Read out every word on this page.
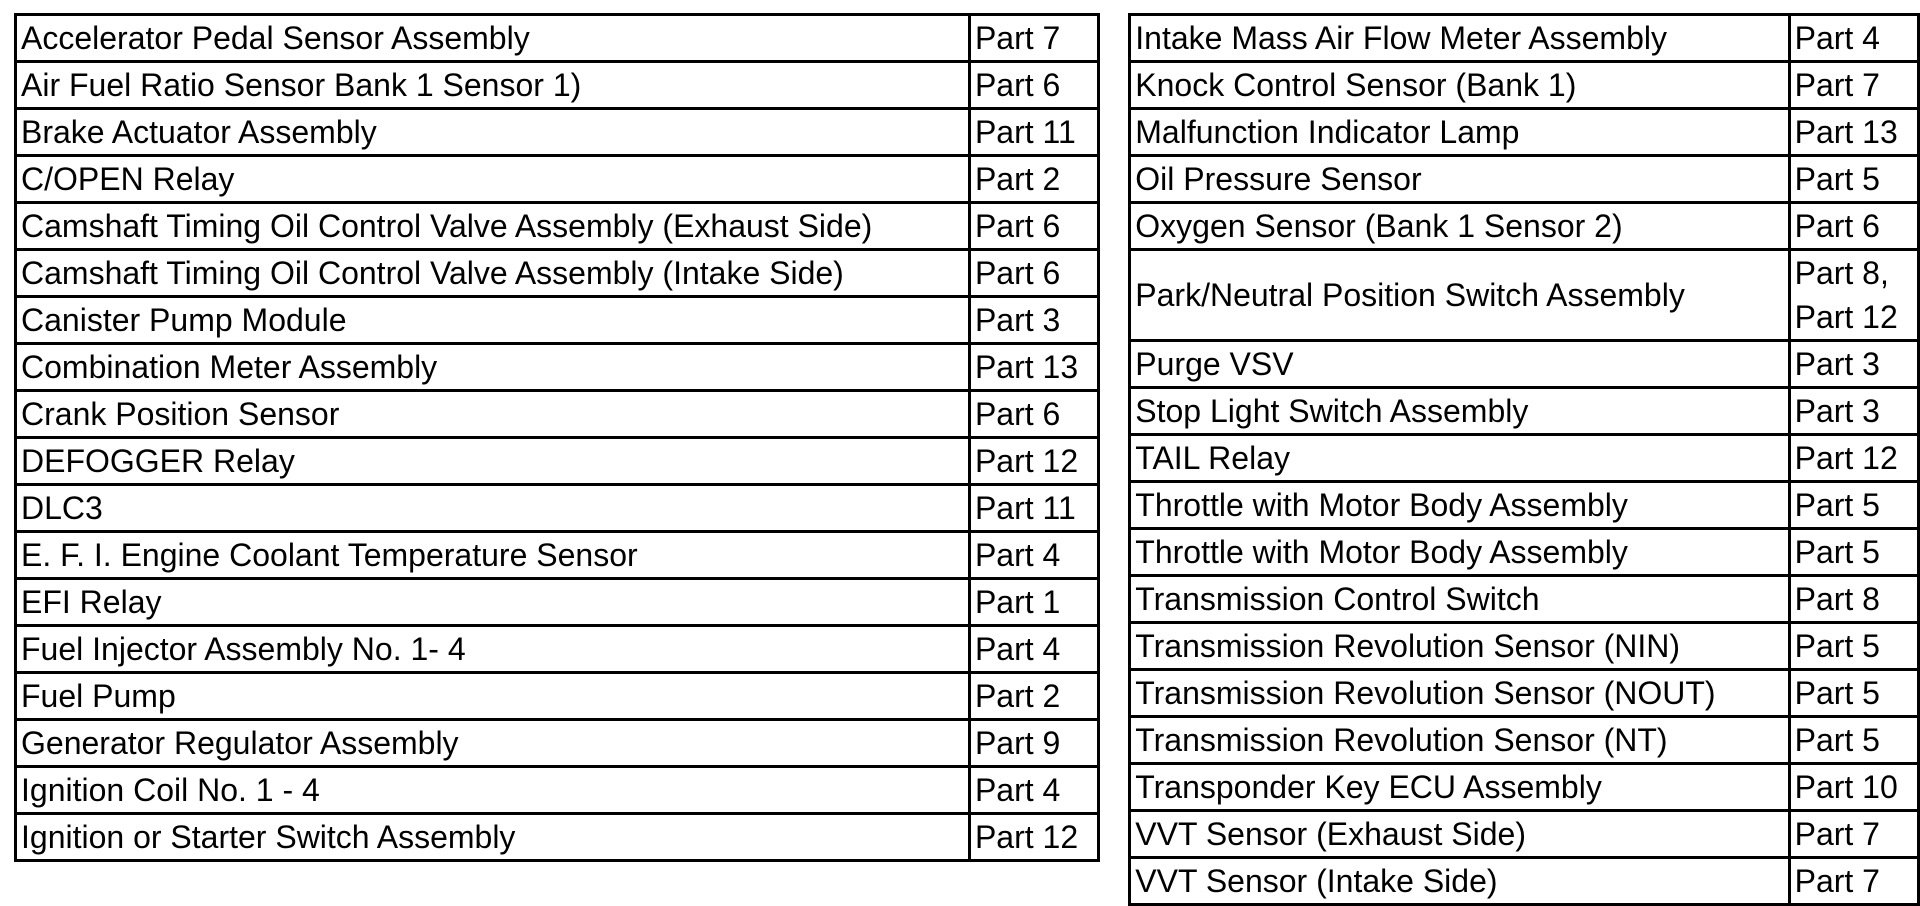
Accelerator Pedal Sensor Assembly	Part 7
Air Fuel Ratio Sensor Bank 1 Sensor 1)	Part 6
Brake Actuator Assembly	Part 11
C/OPEN Relay	Part 2
Camshaft Timing Oil Control Valve Assembly (Exhaust Side)	Part 6
Camshaft Timing Oil Control Valve Assembly (Intake Side)	Part 6
Canister Pump Module	Part 3
Combination Meter Assembly	Part 13
Crank Position Sensor	Part 6
DEFOGGER Relay	Part 12
DLC3	Part 11
E. F. I. Engine Coolant Temperature Sensor	Part 4
EFI Relay	Part 1
Fuel Injector Assembly No. 1- 4	Part 4
Fuel Pump	Part 2
Generator Regulator Assembly	Part 9
Ignition Coil No. 1 - 4	Part 4
Ignition or Starter Switch Assembly	Part 12
Intake Mass Air Flow Meter Assembly	Part 4
Knock Control Sensor (Bank 1)	Part 7
Malfunction Indicator Lamp	Part 13
Oil Pressure Sensor	Part 5
Oxygen Sensor (Bank 1 Sensor 2)	Part 6
Park/Neutral Position Switch Assembly	Part 8, Part 12
Purge VSV	Part 3
Stop Light Switch Assembly	Part 3
TAIL Relay	Part 12
Throttle with Motor Body Assembly	Part 5
Throttle with Motor Body Assembly	Part 5
Transmission Control Switch	Part 8
Transmission Revolution Sensor (NIN)	Part 5
Transmission Revolution Sensor (NOUT)	Part 5
Transmission Revolution Sensor (NT)	Part 5
Transponder Key ECU Assembly	Part 10
VVT Sensor (Exhaust Side)	Part 7
VVT Sensor (Intake Side)	Part 7
